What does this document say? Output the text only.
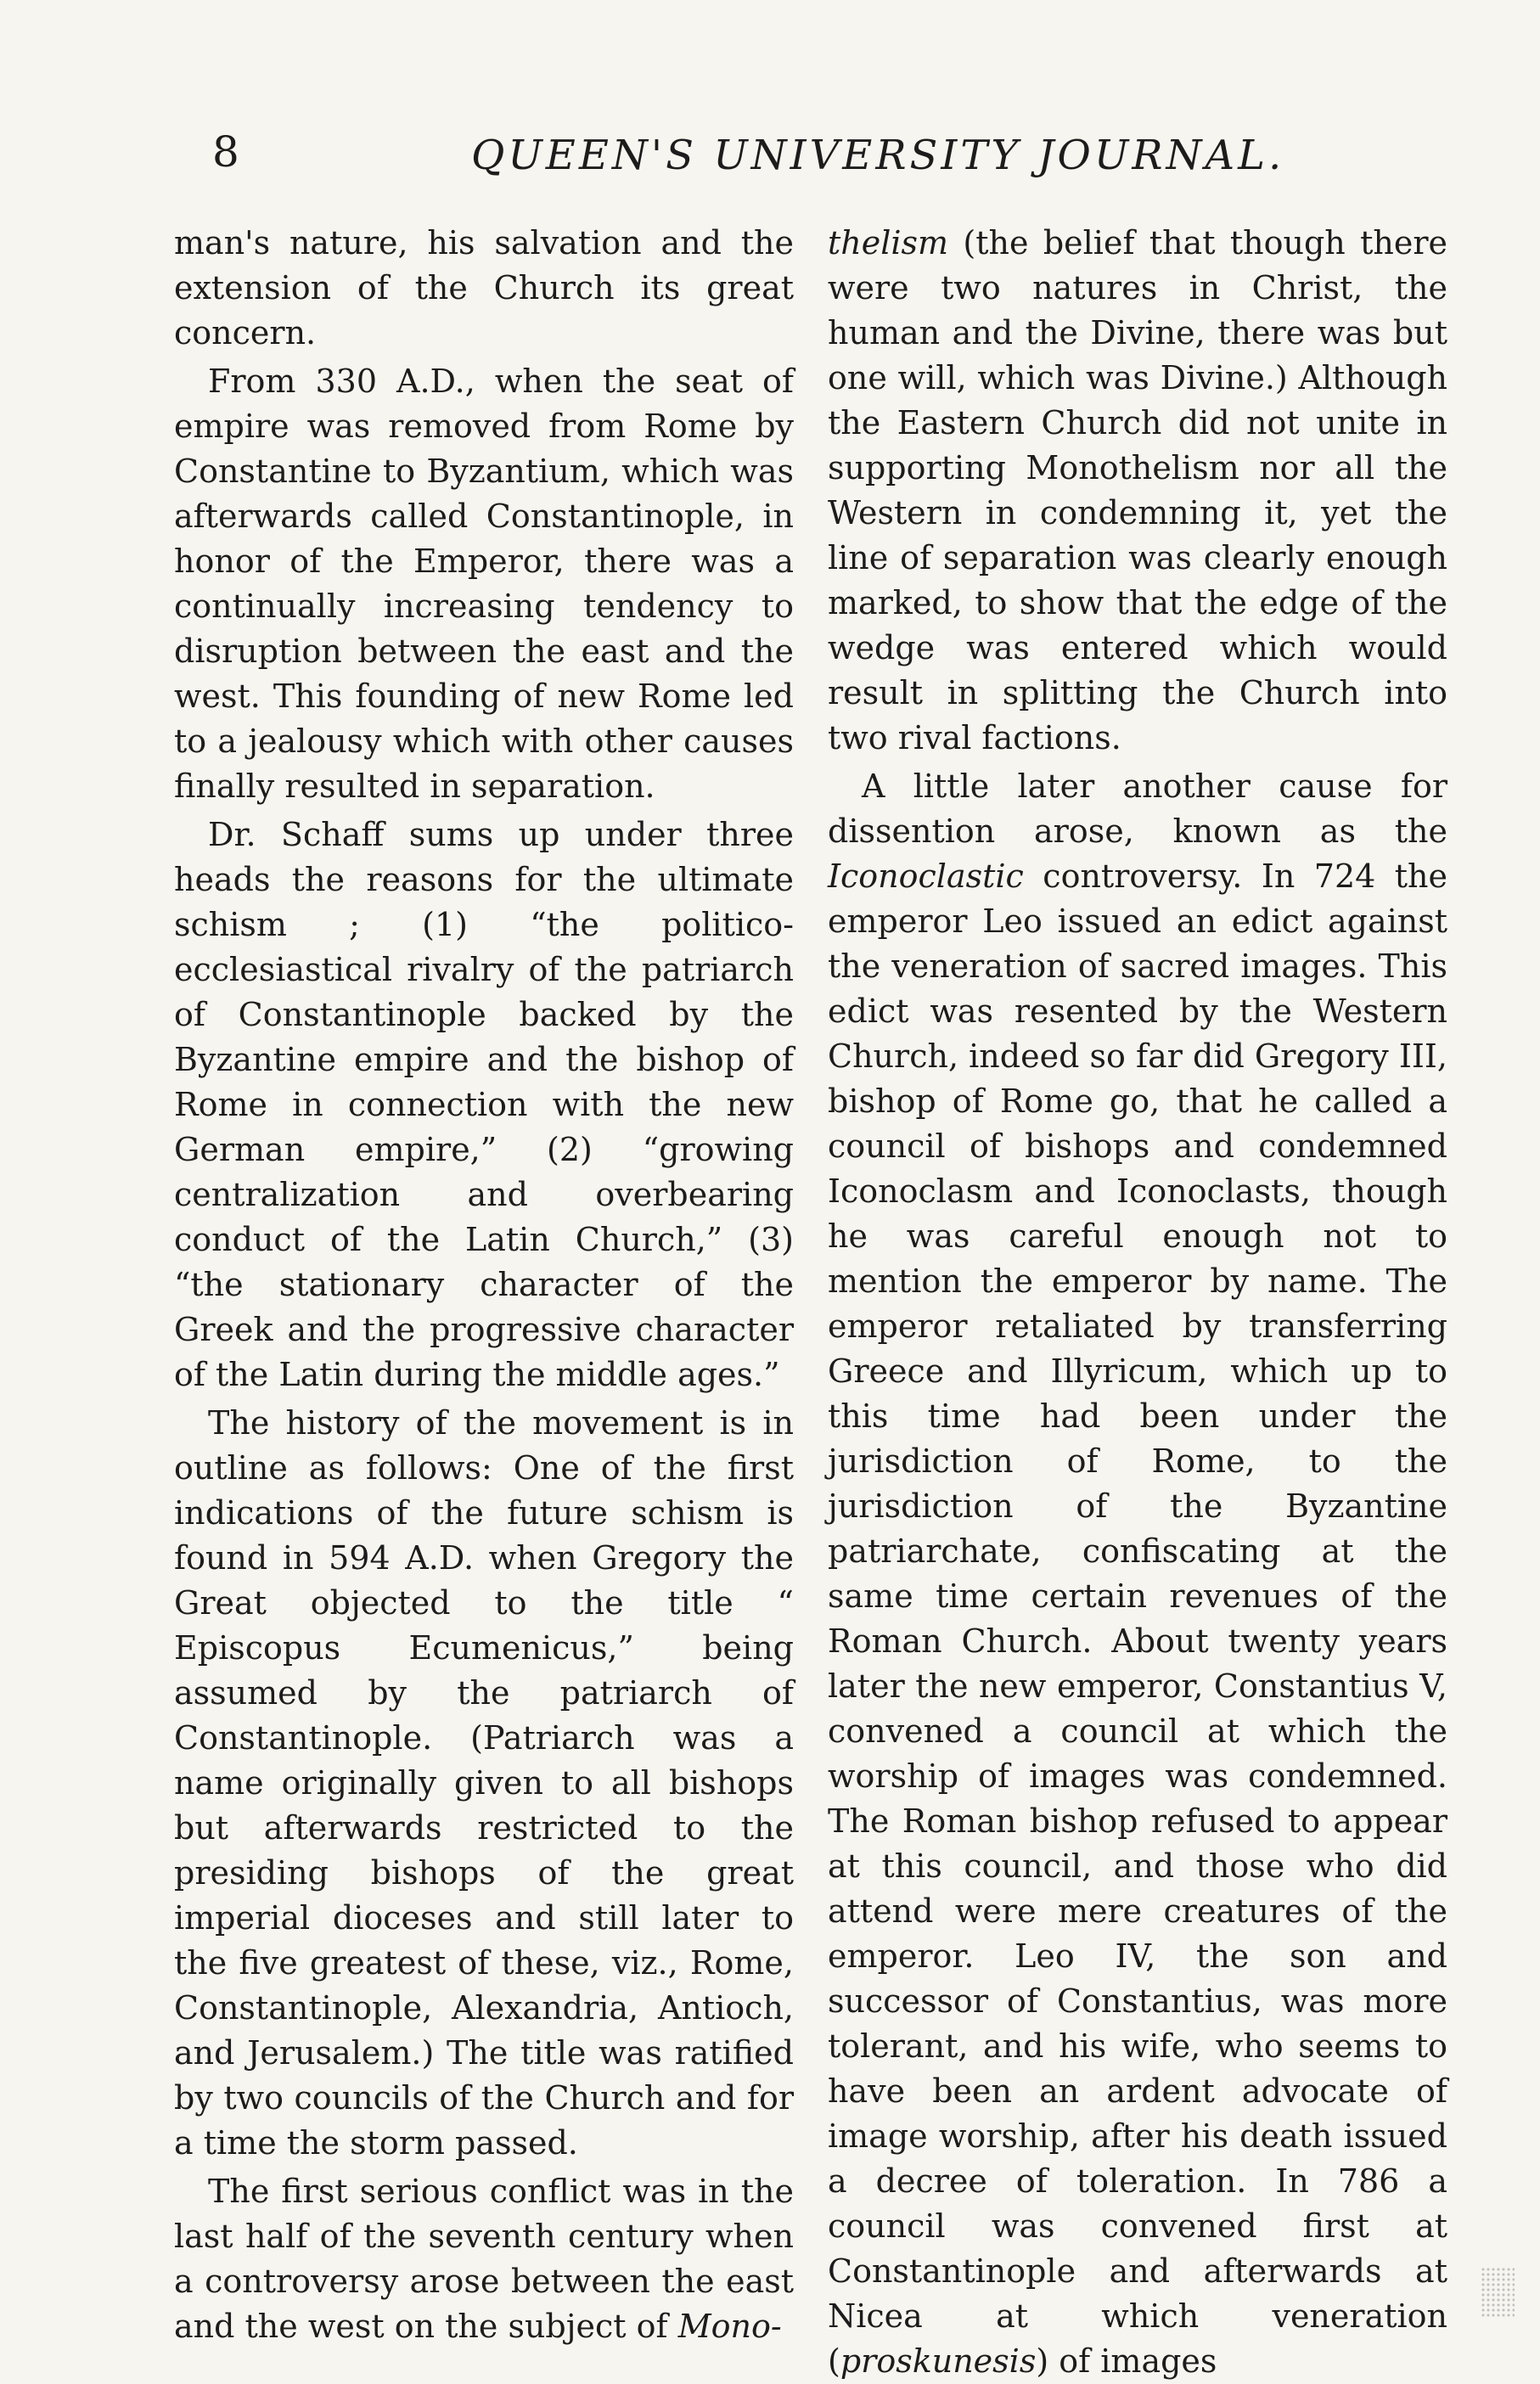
8	QUEEN'S UNIVERSITY JOURNAL.

man's nature, his salvation and the extension of the Church its great concern.

From 330 A.D., when the seat of empire was removed from Rome by Constantine to Byzantium, which was afterwards called Constantinople, in honor of the Emperor, there was a continually increasing tendency to disruption between the east and the west. This founding of new Rome led to a jealousy which with other causes finally resulted in separation.

Dr. Schaff sums up under three heads the reasons for the ultimate schism ; (1) “the politico-ecclesiastical rivalry of the patriarch of Constantinople backed by the Byzantine empire and the bishop of Rome in connection with the new German empire,” (2) “growing centralization and overbearing conduct of the Latin Church,” (3) “the stationary character of the Greek and the progressive character of the Latin during the middle ages.”

The history of the movement is in outline as follows: One of the first indications of the future schism is found in 594 A.D. when Gregory the Great objected to the title “ Episcopus Ecumenicus,” being assumed by the patriarch of Constantinople. (Patriarch was a name originally given to all bishops but afterwards restricted to the presiding bishops of the great imperial dioceses and still later to the five greatest of these, viz., Rome, Constantinople, Alexandria, Antioch, and Jerusalem.) The title was ratified by two councils of the Church and for a time the storm passed.

The first serious conflict was in the last half of the seventh century when a controversy arose between the east and the west on the subject of Mono-

thelism (the belief that though there were two natures in Christ, the human and the Divine, there was but one will, which was Divine.) Although the Eastern Church did not unite in supporting Monothelism nor all the Western in condemning it, yet the line of separation was clearly enough marked, to show that the edge of the wedge was entered which would result in splitting the Church into two rival factions.

A little later another cause for dissention arose, known as the Iconoclastic controversy. In 724 the emperor Leo issued an edict against the veneration of sacred images. This edict was resented by the Western Church, indeed so far did Gregory III, bishop of Rome go, that he called a council of bishops and condemned Iconoclasm and Iconoclasts, though he was careful enough not to mention the emperor by name. The emperor retaliated by transferring Greece and Illyricum, which up to this time had been under the jurisdiction of Rome, to the jurisdiction of the Byzantine patriarchate, confiscating at the same time certain revenues of the Roman Church. About twenty years later the new emperor, Constantius V, convened a council at which the worship of images was condemned. The Roman bishop refused to appear at this council, and those who did attend were mere creatures of the emperor. Leo IV, the son and successor of Constantius, was more tolerant, and his wife, who seems to have been an ardent advocate of image worship, after his death issued a decree of toleration. In 786 a council was convened first at Constantinople and afterwards at Nicea at which veneration (proskunesis) of images
